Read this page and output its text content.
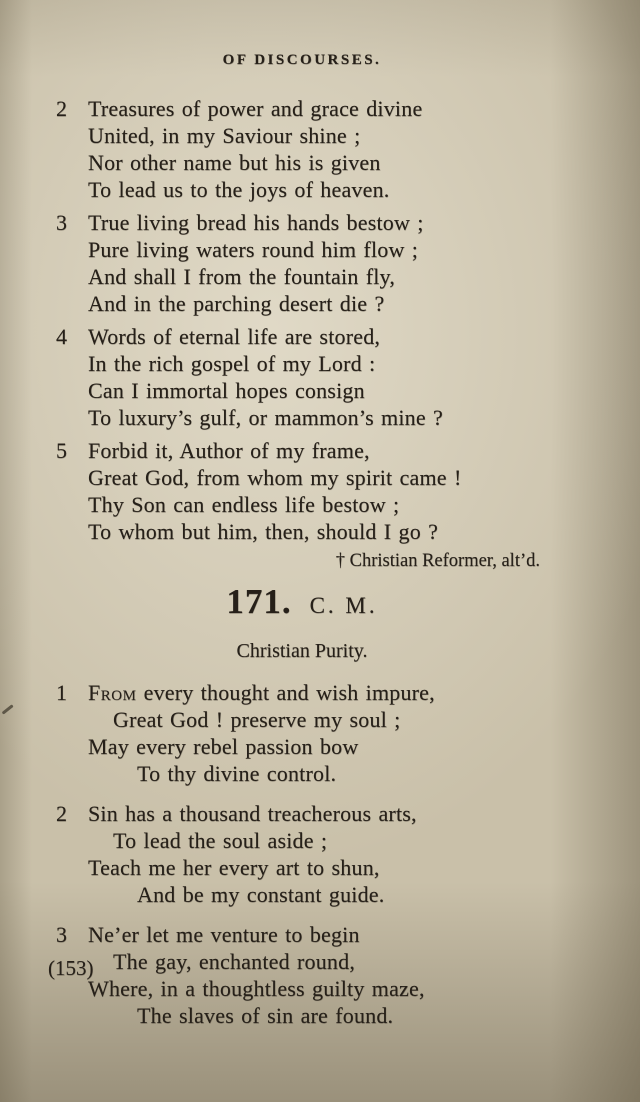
OF DISCOURSES.
2 Treasures of power and grace divine
United, in my Saviour shine ;
Nor other name but his is given
To lead us to the joys of heaven.
3 True living bread his hands bestow ;
Pure living waters round him flow ;
And shall I from the fountain fly,
And in the parching desert die ?
4 Words of eternal life are stored,
In the rich gospel of my Lord :
Can I immortal hopes consign
To luxury’s gulf, or mammon’s mine ?
5 Forbid it, Author of my frame,
Great God, from whom my spirit came !
Thy Son can endless life bestow ;
To whom but him, then, should I go ?
† Christian Reformer, alt’d.
171. C. M.
Christian Purity.
1 From every thought and wish impure,
Great God ! preserve my soul ;
May every rebel passion bow
To thy divine control.
2 Sin has a thousand treacherous arts,
To lead the soul aside ;
Teach me her every art to shun,
And be my constant guide.
3 Ne’er let me venture to begin
The gay, enchanted round,
Where, in a thoughtless guilty maze,
The slaves of sin are found.
(153)
